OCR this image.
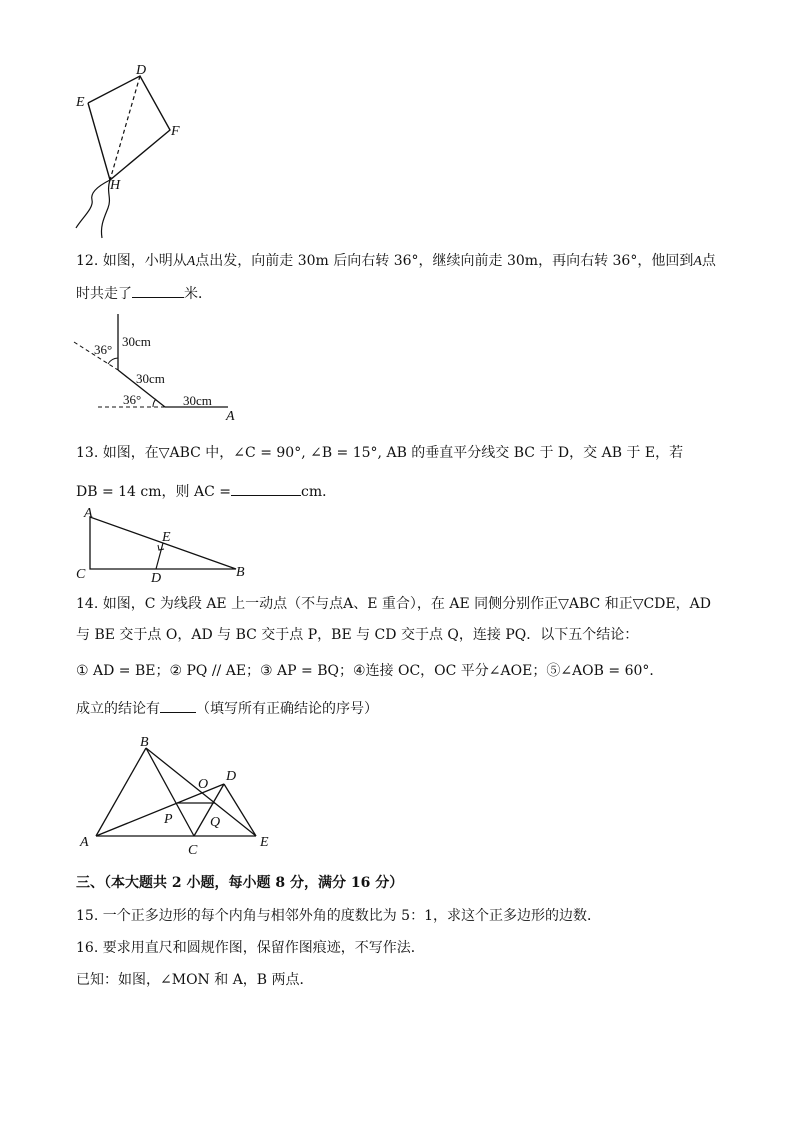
D
E
F
H
12. 如图，小明从A点出发，向前走 30m 后向右转 36°，继续向前走 30m，再向右转 36°，他回到A点
时共走了	米．
30cm
36°
30cm
36°	30cm
A
13. 如图，在▽ABC 中，∠C = 90°, ∠B = 15°, AB 的垂直平分线交 BC 于 D，交 AB 于 E，若
DB = 14 cm，则 AC =	cm．
A
C	D
E
B
14. 如图，C 为线段 AE 上一动点（不与点A、E 重合），在 AE 同侧分别作正▽ABC 和正▽CDE，AD
与 BE 交于点 O，AD 与 BC 交于点 P，BE 与 CD 交于点 Q，连接 PQ．以下五个结论：
① AD = BE；② PQ // AE；③ AP = BQ；④连接 OC，OC 平分∠AOE；⑤∠AOB = 60°．
成立的结论有	（填写所有正确结论的序号）
B
D
O
P	Q
A
C
E
三、（本大题共 2 小题，每小题 8 分，满分 16 分）
15. 一个正多边形的每个内角与相邻外角的度数比为 5：1，求这个正多边形的边数．
16. 要求用直尺和圆规作图，保留作图痕迹，不写作法．
已知：如图，∠MON 和 A，B 两点．
